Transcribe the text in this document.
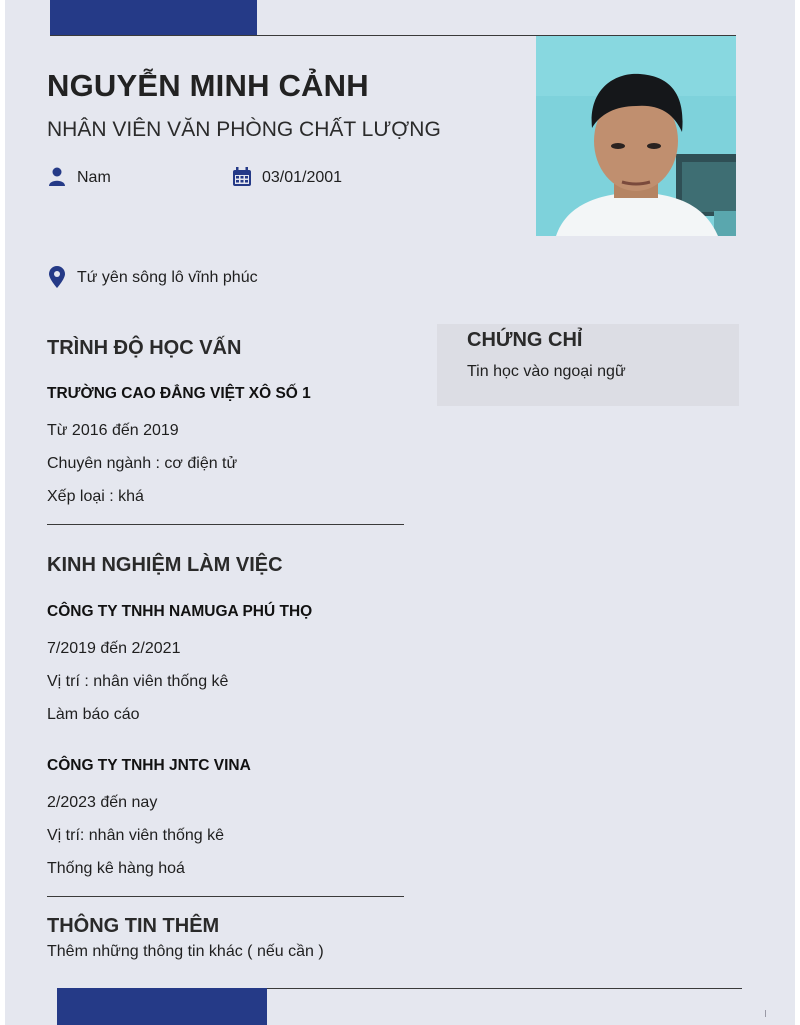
NGUYỄN MINH CẢNH
NHÂN VIÊN VĂN PHÒNG CHẤT LƯỢNG
Nam	03/01/2001
Tứ yên sông lô vĩnh phúc
CHỨNG CHỈ
Tin học vào ngoại ngữ
TRÌNH ĐỘ HỌC VẤN
TRƯỜNG CAO ĐẲNG VIỆT XÔ SỐ 1
Từ 2016 đến 2019
Chuyên ngành : cơ điện tử
Xếp loại : khá
KINH NGHIỆM LÀM VIỆC
CÔNG TY TNHH NAMUGA PHÚ THỌ
7/2019 đến 2/2021
Vị trí : nhân viên thống kê
Làm báo cáo
CÔNG TY TNHH JNTC VINA
2/2023 đến nay
Vị trí: nhân viên thống kê
Thống kê hàng hoá
THÔNG TIN THÊM
Thêm những thông tin khác ( nếu cần )
